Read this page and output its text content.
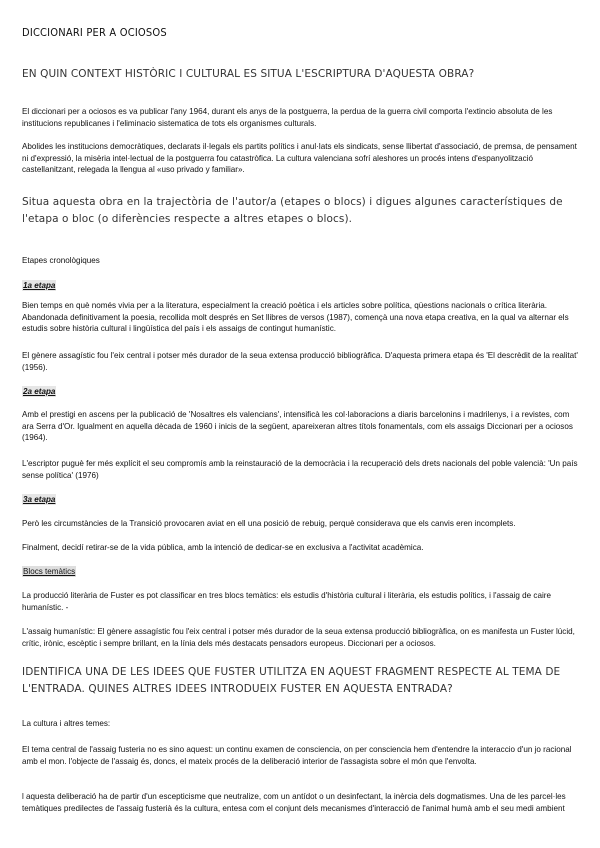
DICCIONARI PER A OCIOSOS
EN QUIN CONTEXT HISTÒRIC I CULTURAL ES SITUA L'ESCRIPTURA D'AQUESTA OBRA?
El diccionari per a ociosos es va publicar l'any 1964, durant els anys de la postguerra, la perdua de la guerra civil comporta l'extincio absoluta de les institucions republicanes i l'eliminacio sistematica de tots els organismes culturals.
Abolides les institucions democràtiques, declarats il·legals els partits polítics i anul·lats els sindicats, sense llibertat d'associació, de premsa, de pensament ni d'expressió, la misèria intel·lectual de la postguerra fou catastròfica. La cultura valenciana sofrí aleshores un procés intens d'espanyolització castellanitzant, relegada la llengua al «uso privado y familiar».
Situa aquesta obra en la trajectòria de l'autor/a (etapes o blocs) i digues algunes característiques de l'etapa o bloc (o diferències respecte a altres etapes o blocs).
Etapes cronològiques
1a etapa
Bien temps en què només vivia per a la literatura, especialment la creació poètica i els articles sobre política, qüestions nacionals o crítica literària. Abandonada definitivament la poesia, recollida molt després en Set llibres de versos (1987), començà una nova etapa creativa, en la qual va alternar els estudis sobre història cultural i lingüística del país i els assaigs de contingut humanístic.
El gènere assagístic fou l'eix central i potser més durador de la seua extensa producció bibliogràfica. D'aquesta primera etapa és 'El descrèdit de la realitat' (1956).
2a etapa
Amb el prestigi en ascens per la publicació de 'Nosaltres els valencians', intensificà les col·laboracions a diaris barcelonins i madrilenys, i a revistes, com ara Serra d'Or. Igualment en aquella dècada de 1960 i inicis de la següent, apareixeran altres títols fonamentals, com els assaigs Diccionari per a ociosos (1964).
L'escriptor puguè fer més explícit el seu compromís amb la reinstauració de la democràcia i la recuperació dels drets nacionals del poble valencià: 'Un país sense política' (1976)
3a etapa
Però les circumstàncies de la Transició provocaren aviat en ell una posició de rebuig, perquè considerava que els canvis eren incomplets.
Finalment, decidí retirar-se de la vida pública, amb la intenció de dedicar-se en exclusiva a l'activitat acadèmica.
Blocs temàtics
La producció literària de Fuster es pot classificar en tres blocs temàtics: els estudis d'història cultural i literària, els estudis polítics, i l'assaig de caire humanístic. -
L'assaig humanístic: El gènere assagístic fou l'eix central i potser més durador de la seua extensa producció bibliogràfica, on es manifesta un Fuster lúcid, crític, irònic, escèptic i sempre brillant, en la línia dels més destacats pensadors europeus. Diccionari per a ociosos.
IDENTIFICA UNA DE LES IDEES QUE FUSTER UTILITZA EN AQUEST FRAGMENT RESPECTE AL TEMA DE L'ENTRADA. QUINES ALTRES IDEES INTRODUEIX FUSTER EN AQUESTA ENTRADA?
La cultura i altres temes:
El tema central de l'assaig fusteria no es sino aquest: un continu examen de consciencia, on per consciencia hem d'entendre la interaccio d'un jo racional amb el mon. l'objecte de l'assaig és, doncs, el mateix procés de la deliberació interior de l'assagista sobre el món que l'envolta.
l aquesta deliberació ha de partir d'un escepticisme que neutralize, com un antídot o un desinfectant, la inèrcia dels dogmatismes. Una de les parcel·les temàtiques predilectes de l'assaig fusterià és la cultura, entesa com el conjunt dels mecanismes d'interacció de l'animal humà amb el seu medi ambient
